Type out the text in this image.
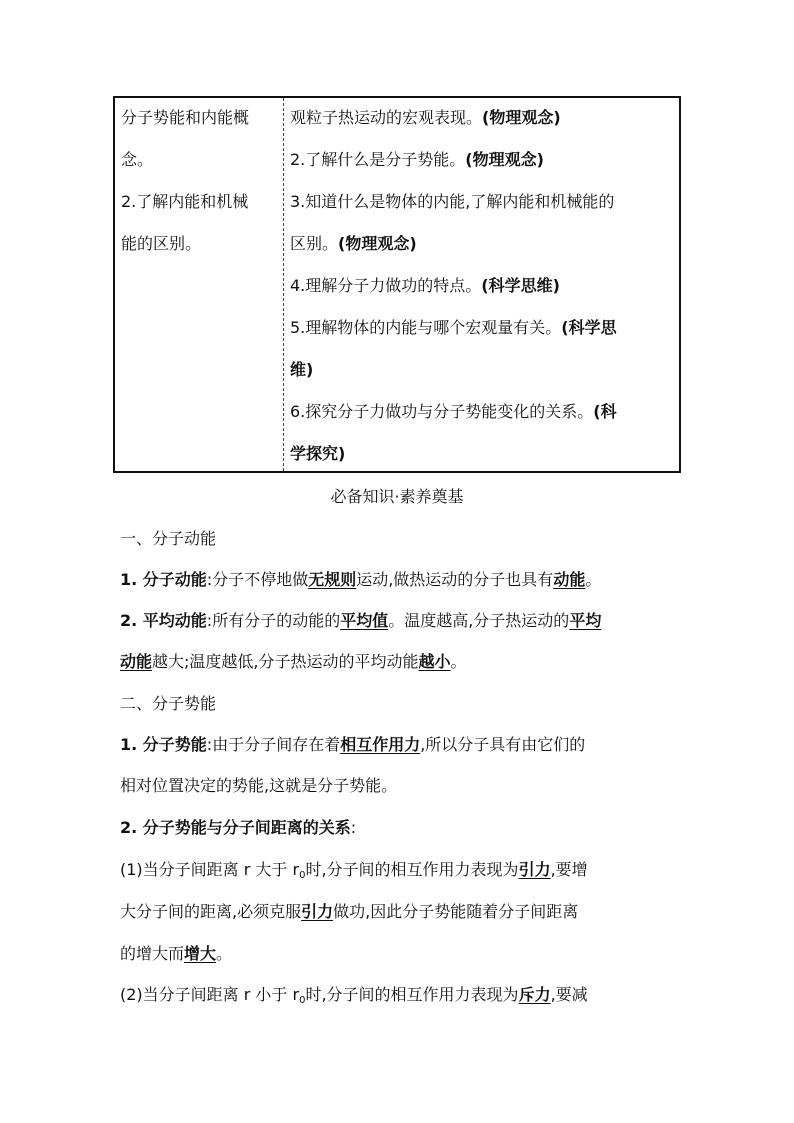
分子势能和内能概
念。
2.了解内能和机械
能的区别。
观粒子热运动的宏观表现。(物理观念)
2.了解什么是分子势能。(物理观念)
3.知道什么是物体的内能,了解内能和机械能的
区别。(物理观念)
4.理解分子力做功的特点。(科学思维)
5.理解物体的内能与哪个宏观量有关。(科学思
维)
6.探究分子力做功与分子势能变化的关系。(科
学探究)
必备知识·素养奠基
一、分子动能
1. 分子动能:分子不停地做无规则运动,做热运动的分子也具有动能。
2. 平均动能:所有分子的动能的平均值。温度越高,分子热运动的平均
动能越大;温度越低,分子热运动的平均动能越小。
二、分子势能
1. 分子势能:由于分子间存在着相互作用力,所以分子具有由它们的
相对位置决定的势能,这就是分子势能。
2. 分子势能与分子间距离的关系:
(1)当分子间距离 r 大于 $r_0$时,分子间的相互作用力表现为引力,要增
大分子间的距离,必须克服引力做功,因此分子势能随着分子间距离
的增大而增大。
(2)当分子间距离 r 小于 $r_0$时,分子间的相互作用力表现为斥力,要减
